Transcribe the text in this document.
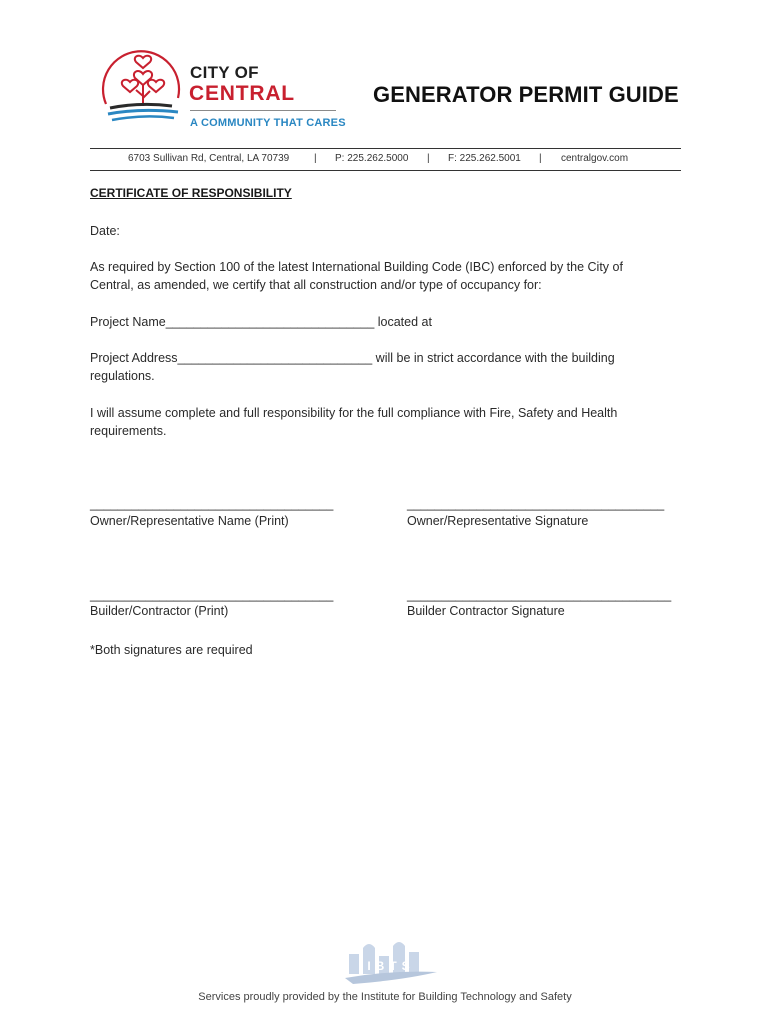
CITY OF
CENTRAL
A COMMUNITY THAT CARES
GENERATOR PERMIT GUIDE
6703 Sullivan Rd, Central, LA 70739 | P: 225.262.5000 | F: 225.262.5001 | centralgov.com
CERTIFICATE OF RESPONSIBILITY
Date:
As required by Section 100 of the latest International Building Code (IBC) enforced by the City of
Central, as amended, we certify that all construction and/or type of occupancy for:
Project Name______________________________ located at
Project Address____________________________ will be in strict accordance with the building
regulations.
I will assume complete and full responsibility for the full compliance with Fire, Safety and Health
requirements.
___________________________________
Owner/Representative Name (Print)
_____________________________________
Owner/Representative Signature
___________________________________
Builder/Contractor (Print)
______________________________________
Builder Contractor Signature
*Both signatures are required
IBTS
Services proudly provided by the Institute for Building Technology and Safety
